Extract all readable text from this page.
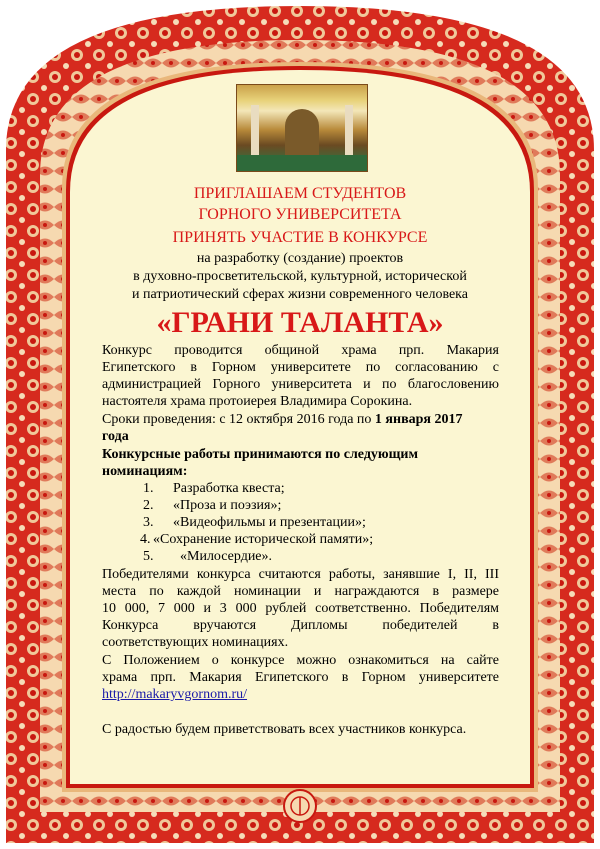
ПРИГЛАШАЕМ СТУДЕНТОВ

ГОРНОГО УНИВЕРСИТЕТА

ПРИНЯТЬ УЧАСТИЕ В КОНКУРСЕ

на разработку (создание) проектов

в духовно-просветительской, культурной, исторической

и патриотический сферах жизни современного человека

«ГРАНИ ТАЛАНТА»

Конкурс проводится общиной храма прп. Макария

Египетского в Горном университете по согласованию с

администрацией Горного университета и по благословению

настоятеля храма протоиерея Владимира Сорокина.

Сроки проведения: с 12 октября 2016 года по 1 января 2017

года

Конкурсные работы принимаются по следующим

номинациям:

1. Разработка квеста;

2. «Проза и поэзия»;

3. «Видеофильмы и презентации»;

4. «Сохранение исторической памяти»;

5. «Милосердие».

Победителями конкурса считаются работы, занявшие I, II, III

места по каждой номинации и награждаются в размере

10 000, 7 000 и 3 000 рублей соответственно. Победителям

Конкурса вручаются Дипломы победителей в

соответствующих номинациях.

С Положением о конкурсе можно ознакомиться на сайте

храма прп. Макария Египетского в Горном университете

http://makaryvgornom.ru/

С радостью будем приветствовать всех участников конкурса.
